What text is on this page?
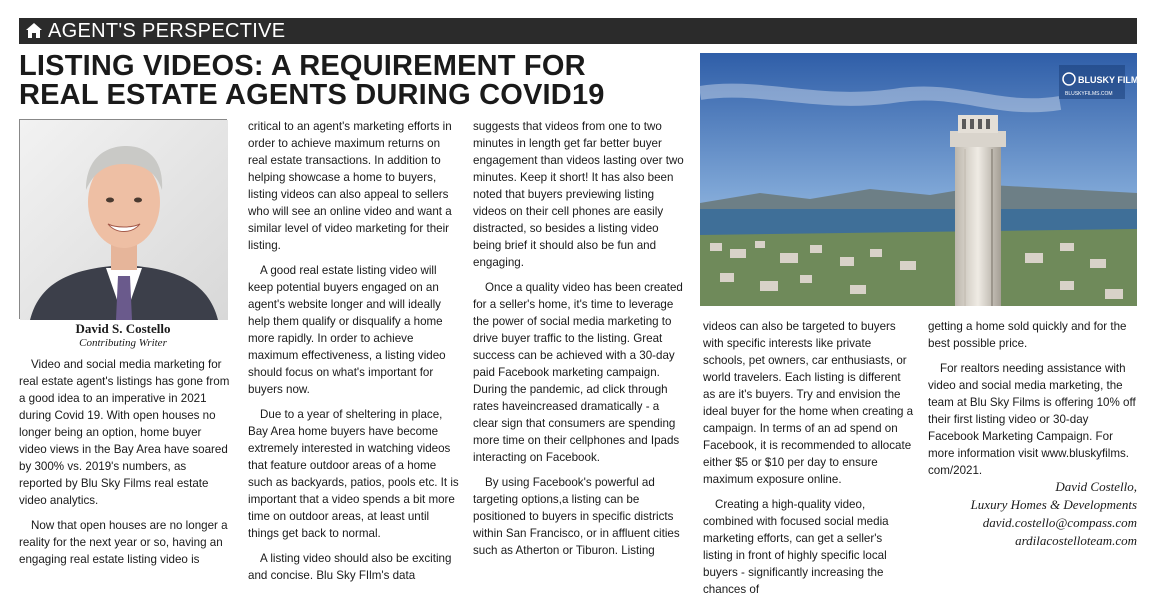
AGENT'S PERSPECTIVE
LISTING VIDEOS: A REQUIREMENT FOR
REAL ESTATE AGENTS DURING COVID19
David S. Costello
Contributing Writer

Video and social media marketing for real estate agent's listings has gone from a good idea to an imperative in 2021 during Covid 19. With open houses no longer being an option, home buyer video views in the Bay Area have soared by 300% vs. 2019's numbers, as reported by Blu Sky Films real estate video analytics.

Now that open houses are no longer a reality for the next year or so, having an engaging real estate listing video is

critical to an agent's marketing efforts in order to achieve maximum returns on real estate transactions. In addition to helping showcase a home to buyers, listing videos can also appeal to sellers who will see an online video and want a similar level of video marketing for their listing.

A good real estate listing video will keep potential buyers engaged on an agent's website longer and will ideally help them qualify or disqualify a home more rapidly. In order to achieve maximum effectiveness, a listing video should focus on what's important for buyers now.

Due to a year of sheltering in place, Bay Area home buyers have become extremely interested in watching videos that feature outdoor areas of a home such as backyards, patios, pools etc. It is important that a video spends a bit more time on outdoor areas, at least until things get back to normal.

A listing video should also be exciting and concise. Blu Sky FIlm's data

suggests that videos from one to two minutes in length get far better buyer engagement than videos lasting over two minutes. Keep it short! It has also been noted that buyers previewing listing videos on their cell phones are easily distracted, so besides a listing video being brief it should also be fun and engaging.

Once a quality video has been created for a seller's home, it's time to leverage the power of social media marketing to drive buyer traffic to the listing. Great success can be achieved with a 30-day paid Facebook marketing campaign. During the pandemic, ad click through rates haveincreased dramatically - a clear sign that consumers are spending more time on their cellphones and Ipads interacting on Facebook.

By using Facebook's powerful ad targeting options,a listing can be positioned to buyers in specific districts within San Francisco, or in affluent cities such as Atherton or Tiburon. Listing

BLUSKY FILMS
BLUSKYFILMS.COM

videos can also be targeted to buyers with specific interests like private schools, pet owners, car enthusiasts, or world travelers. Each listing is different as are it's buyers. Try and envision the ideal buyer for the home when creating a campaign. In terms of an ad spend on Facebook, it is recommended to allocate either $5 or $10 per day to ensure maximum exposure online.

Creating a high-quality video, combined with focused social media marketing efforts, can get a seller's listing in front of highly specific local buyers - significantly increasing the chances of

getting a home sold quickly and for the best possible price.

For realtors needing assistance with video and social media marketing, the team at Blu Sky Films is offering 10% off their first listing video or 30-day Facebook Marketing Campaign. For more information visit www.bluskyfilms. com/2021.

David Costello,
Luxury Homes & Developments
david.costello@compass.com
ardilacostelloteam.com
